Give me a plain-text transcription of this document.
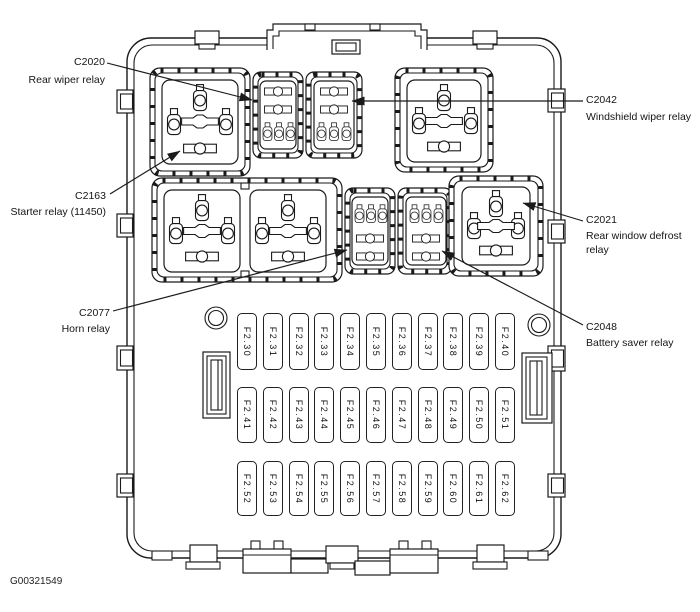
F2.30 F2.31 F2.32 F2.33 F2.34 F2.35 F2.36 F2.37 F2.38 F2.39 F2.40
F2.41 F2.42 F2.43 F2.44 F2.45 F2.46 F2.47 F2.48 F2.49 F2.50 F2.51
F2.52 F2.53 F2.54 F2.55 F2.56 F2.57 F2.58 F2.59 F2.60 F2.61 F2.62
C2020
Rear wiper relay
C2163
Starter relay (11450)
C2077
Horn relay
C2042
Windshield wiper relay
C2021
Rear window defrost relay
C2048
Battery saver relay
G00321549
